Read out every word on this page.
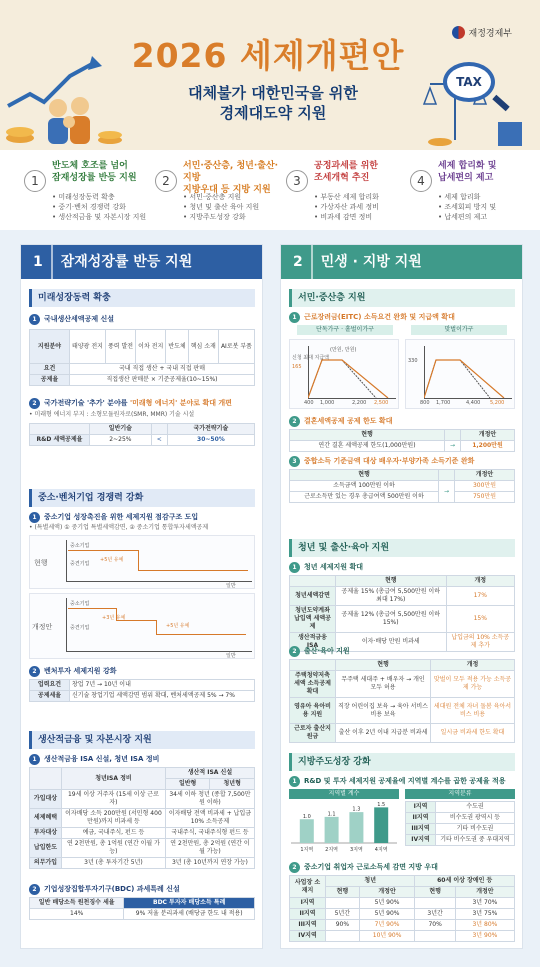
2026 세제개편안
대체불가 대한민국을 위한
경제대도약 지원
재정경제부
TAX
1
반도체 호조를 넘어
잠재성장률 반등 지원
• 미래성장동력 확충
• 중기·벤처 경쟁력 강화
• 생산적금융 및 자본시장 지원
2
서민·중산층, 청년·출산·지방
지방우대 등 지방 지원
• 서민·중산층 지원
• 청년 및 출산 육아 지원
• 지방주도성장 강화
3
공정과세를 위한
조세개혁 추진
• 부동산 세제 합리화
• 가상자산 과세 정비
• 비과세 감면 정비
4
세제 합리화 및
납세편의 제고
• 세제 합리화
• 조세회피 방지 및
• 납세편의 제고
1 잠재성장률 반등 지원
미래성장동력 확충
1 국내생산세액공제 신설
지원분야	태양광 전지	풍력 발전	이차 전지	반도체	핵심 소재	AI로봇 부품
요건	국내 직접 생산 + 국내 직접 판매					
공제율	직접생산 판매분 × 기준공제율(10~15%)					
2 국가전략기술 '추가' 분야를 '미래형 에너지' 분야로 확대 개편
• 미래형 에너지 부지 : 소형모듈원자로(SMR, MMR) 기술 시설
	일반기술		국가전략기술
R&D 세액공제율	2~25%	<	30~50%
중소·벤처기업 경쟁력 강화
1 중소기업 성장촉진을 위한 세제지원 점감구조 도입
• (특별세액) ① 중기업 특별세액감면, ② 중소기업 통합투자세액공제
현행
중소기업
중견기업
+5년 유예
일반
개정안
중소기업
중견기업
+3년 유예
+5년 유예
일반
2 벤처투자 세제지원 강화
업력요건	창업 7년 → 10년 이내
공제세율	신기술 창업기업 세액감면 범위 확대, 벤처세액공제 5% → 7%
생산적금융 및 자본시장 지원
1 생산적금융 ISA 신설, 청년 ISA 정비
	청년ISA 정비	생산적 ISA 신설	
		일반형	청년형
가입대상	19세 이상 거주자 (15세 이상 근로자)	34세 이하 청년 (종합 7,500만원 이하)	
세제혜택	이자배당 소득 200만원 (서민형 400만원)까지 비과세 등	이자배당 전액 비과세 + 납입금 10% 소득공제	
투자대상	예금, 국내주식, 펀드 등	국내주식, 국내주식형 펀드 등	
납입한도	연 2천만원, 총 1억원 (연간 이월 가능)	연 2천만원, 총 2억원 (연간 이월 가능)	
의무가입	3년 (총 투자기간 5년)	3년 (총 10년까지 연장 가능)	
2 기업성장집합투자기구(BDC) 과세특례 신설
일반 배당소득 원천징수 세율	BDC 투자자 배당소득 특례
14%	9% 저율 분리과세 (배당금 한도 내 적용)
2 민생 · 지방 지원
서민·중산층 지원
1 근로장려금(EITC) 소득요건 완화 및 지급액 확대
단독가구 · 홑벌이가구	맞벌이가구
(만원, 만원)
신청 최대 지급액
165
400 1,000	2,200 2,500
330
800 1,700	4,400 5,200
2 결혼세액공제 공제 한도 확대
현행		개정안
연간 결혼 세액공제 한도(1,000만원)	→	1,200만원
3 중합소득 기준금액 대상 배우자·부양가족 소득기준 완화
현행		개정안
소득금액 100만원 이하	→	300만원
근로소득만 있는 경우 총급여액 500만원 이하		750만원
청년 및 출산·육아 지원
1 청년 세제지원 확대
	현행	개정
청년세액감면	공제율 15% (총급여 5,500만원 이하 최대 17%)	17%
청년도약계좌 납입액 세액공제	공제율 12% (총급여 5,500만원 이하 15%)	15%
생산적금융 ISA	이자·배당 만원 비과세	납입금의 10% 소득공제 추가
2 출산·육아 지원
	현행	개정
주택청약저축 세액 소득공제 확대	무주택 세대주 + 배우자 → 개인 모두 허용	맞벌이 모두 적용 가능 소득공제 가능
영유아 육아비용 지원	직장 어린이집 보육 → 육아 서비스 비용 보육	세대원 전체 자녀 돌봄 육아서비스 비용
근로자 출산지원금	출산 이후 2년 이내 지급분 비과세	일시금 비과세 한도 확대
지방주도성장 강화
1 R&D 및 투자 세제지원 공제율에 지역별 계수를 곱한 공제율 적용
지역별 계수	지역분류
1.0
1지역
1.1
2지역
1.3
3지역
1.5
4지역
I지역	수도권
II지역	비수도권 광역시 등
III지역	기타 비수도권
IV지역	기타 비수도권 중 우대지역
2 중소기업 취업자 근로소득세 감면 지방 우대
사업장 소재지	청년		60세 이상 장애인 등	
	현행	개정안	현행	개정안
I지역		5년 90%		3년 70%
II지역	5년간	5년 90%	3년간	3년 75%
III지역	90%	7년 90%	70%	3년 80%
IV지역		10년 90%		3년 90%
